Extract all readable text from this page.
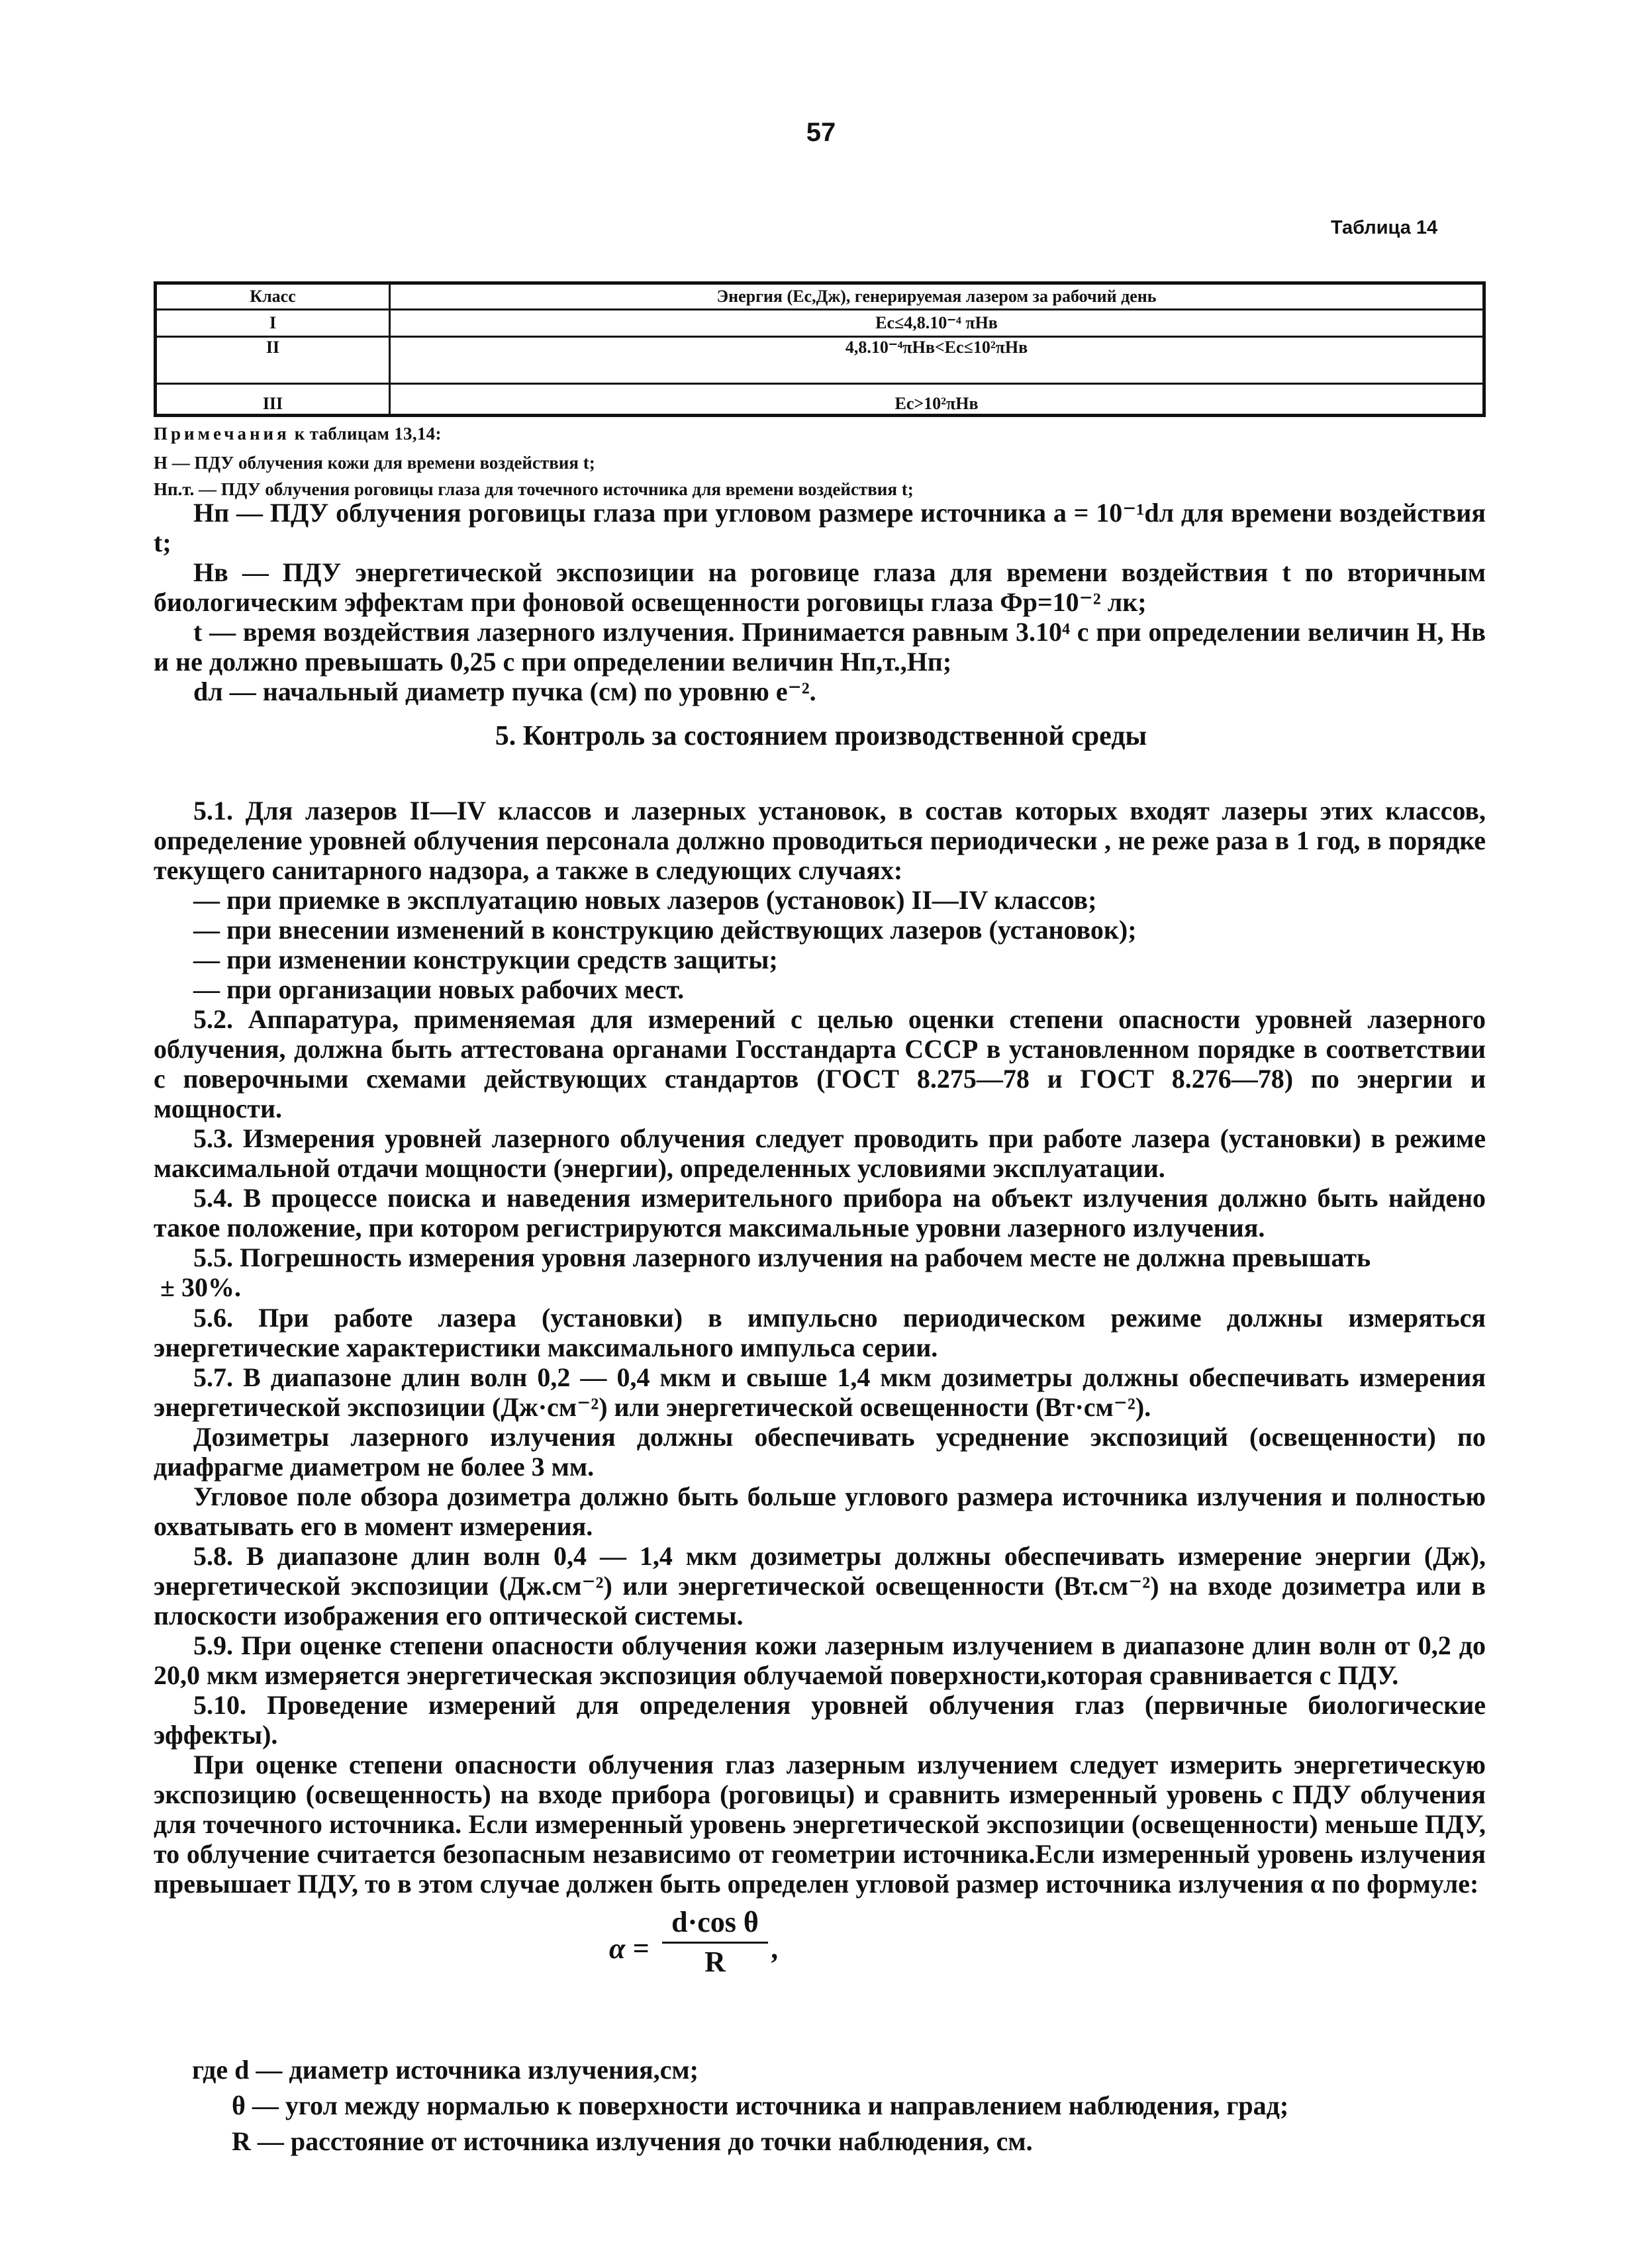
57
Таблица 14
Класс	Энергия (Ec,Дж), генерируемая лазером за рабочий день
I	Ec≤4,8.10⁻⁴ πHв
II	4,8.10⁻⁴πHв<Ec≤10²πHв
III	Ec>10²πHв
Примечания к таблицам 13,14:
Н — ПДУ облучения кожи для времени воздействия t;
Нп.т. — ПДУ облучения роговицы глаза для точечного источника для времени воздействия t;

Нп — ПДУ облучения роговицы глаза при угловом размере источника a = 10⁻¹dл для времени воздействия t;

Нв — ПДУ энергетической экспозиции на роговице глаза для времени воздействия t по вторичным биологическим эффектам при фоновой освещенности роговицы глаза Фр=10⁻² лк;

t — время воздействия лазерного излучения. Принимается равным 3.10⁴ с при определении величин Н, Нв и не должно превышать 0,25 с при определении величин Нп,т.,Нп;

dл — начальный диаметр пучка (см) по уровню e⁻².

5. Контроль за состоянием производственной среды

5.1. Для лазеров II—IV классов и лазерных установок, в состав которых входят лазеры этих классов, определение уровней облучения персонала должно проводиться периодически , не реже раза в 1 год, в порядке текущего санитарного надзора, а также в следующих случаях:

— при приемке в эксплуатацию новых лазеров (установок) II—IV классов;

— при внесении изменений в конструкцию действующих лазеров (установок);

— при изменении конструкции средств защиты;

— при организации новых рабочих мест.

5.2. Аппаратура, применяемая для измерений с целью оценки степени опасности уровней лазерного облучения, должна быть аттестована органами Госстандарта СССР в установленном порядке в соответствии с поверочными схемами действующих стандартов (ГОСТ 8.275—78 и ГОСТ 8.276—78) по энергии и мощности.

5.3. Измерения уровней лазерного облучения следует проводить при работе лазера (установки) в режиме максимальной отдачи мощности (энергии), определенных условиями эксплуатации.

5.4. В процессе поиска и наведения измерительного прибора на объект излучения должно быть найдено такое положение, при котором регистрируются максимальные уровни лазерного излучения.

5.5. Погрешность измерения уровня лазерного излучения на рабочем месте не должна превышать

± 30%.

5.6. При работе лазера (установки) в импульсно периодическом режиме должны измеряться энергетические характеристики максимального импульса серии.

5.7. В диапазоне длин волн 0,2 — 0,4 мкм и свыше 1,4 мкм дозиметры должны обеспечивать измерения энергетической экспозиции (Дж·см⁻²) или энергетической освещенности (Вт·см⁻²).

Дозиметры лазерного излучения должны обеспечивать усреднение экспозиций (освещенности) по диафрагме диаметром не более 3 мм.

Угловое поле обзора дозиметра должно быть больше углового размера источника излучения и полностью охватывать его в момент измерения.

5.8. В диапазоне длин волн 0,4 — 1,4 мкм дозиметры должны обеспечивать измерение энергии (Дж), энергетической экспозиции (Дж.см⁻²) или энергетической освещенности (Вт.см⁻²) на входе дозиметра или в плоскости изображения его оптической системы.

5.9. При оценке степени опасности облучения кожи лазерным излучением в диапазоне длин волн от 0,2 до 20,0 мкм измеряется энергетическая экспозиция облучаемой поверхности,которая сравнивается с ПДУ.

5.10. Проведение измерений для определения уровней облучения глаз (первичные биологические эффекты).

При оценке степени опасности облучения глаз лазерным излучением следует измерить энергетическую экспозицию (освещенность) на входе прибора (роговицы) и сравнить измеренный уровень с ПДУ облучения для точечного источника. Если измеренный уровень энергетической экспозиции (освещенности) меньше ПДУ, то облучение считается безопасным независимо от геометрии источника.Если измеренный уровень излучения превышает ПДУ, то в этом случае должен быть определен угловой размер источника излучения α по формуле:

$\alpha = \frac{\text{d·cos θ}}{R}$ ,
где d — диаметр источника излучения,см;
θ — угол между нормалью к поверхности источника и направлением наблюдения, град;
R — расстояние от источника излучения до точки наблюдения, см.
